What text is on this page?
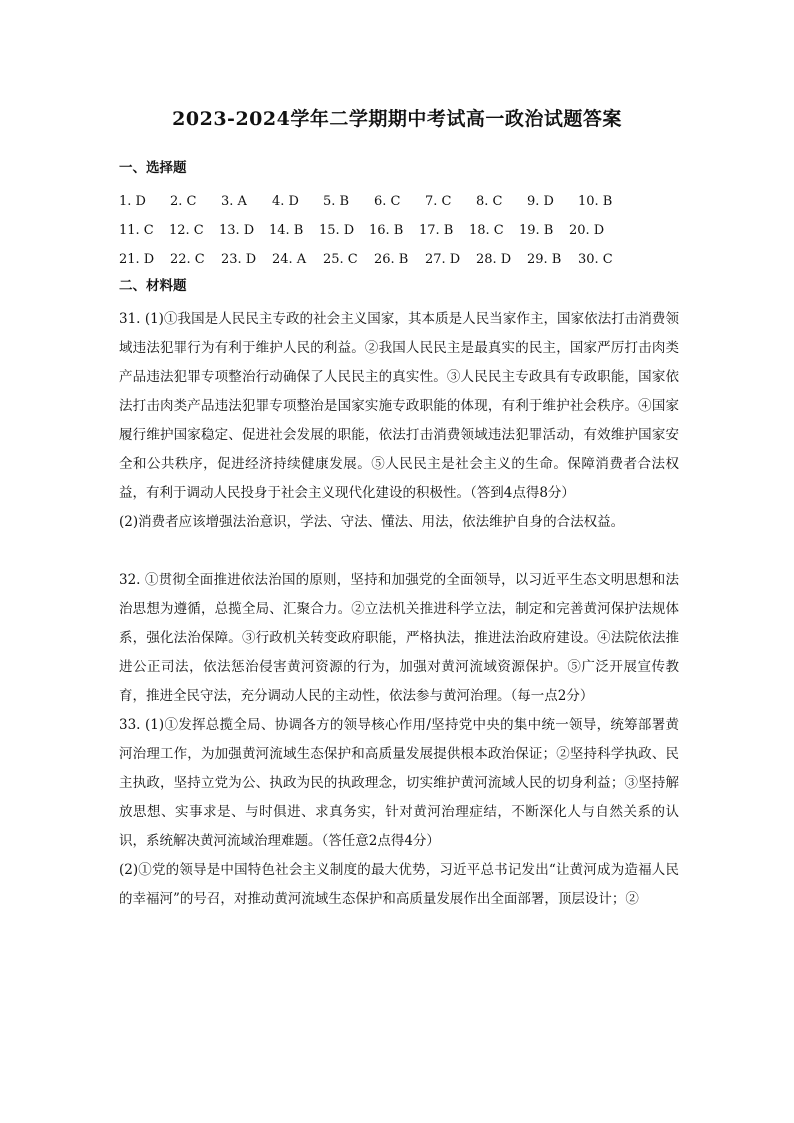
2023-2024学年二学期期中考试高一政治试题答案
一、选择题
1. D	2. C	3. A	4. D	5. B	6. C	7. C	8. C	9. D	10. B
11. C	12. C	13. D	14. B	15. D	16. B	17. B	18. C	19. B	20. D
21. D	22. C	23. D	24. A	25. C	26. B	27. D	28. D	29. B	30. C
二、材料题

31. (1)①我国是人民民主专政的社会主义国家，其本质是人民当家作主，国家依法打击消费领域违法犯罪行为有利于维护人民的利益。②我国人民民主是最真实的民主，国家严厉打击肉类产品违法犯罪专项整治行动确保了人民民主的真实性。③人民民主专政具有专政职能，国家依法打击肉类产品违法犯罪专项整治是国家实施专政职能的体现，有利于维护社会秩序。④国家履行维护国家稳定、促进社会发展的职能，依法打击消费领域违法犯罪活动，有效维护国家安全和公共秩序，促进经济持续健康发展。⑤人民民主是社会主义的生命。保障消费者合法权益，有利于调动人民投身于社会主义现代化建设的积极性。（答到4点得8分）

(2)消费者应该增强法治意识，学法、守法、懂法、用法，依法维护自身的合法权益。

32. ①贯彻全面推进依法治国的原则，坚持和加强党的全面领导，以习近平生态文明思想和法治思想为遵循，总揽全局、汇聚合力。②立法机关推进科学立法，制定和完善黄河保护法规体系，强化法治保障。③行政机关转变政府职能，严格执法，推进法治政府建设。④法院依法推进公正司法，依法惩治侵害黄河资源的行为，加强对黄河流域资源保护。⑤广泛开展宣传教育，推进全民守法，充分调动人民的主动性，依法参与黄河治理。（每一点2分）

33. (1)①发挥总揽全局、协调各方的领导核心作用/坚持党中央的集中统一领导，统筹部署黄河治理工作，为加强黄河流域生态保护和高质量发展提供根本政治保证；②坚持科学执政、民主执政，坚持立党为公、执政为民的执政理念，切实维护黄河流域人民的切身利益；③坚持解放思想、实事求是、与时俱进、求真务实，针对黄河治理症结，不断深化人与自然关系的认识，系统解决黄河流域治理难题。（答任意2点得4分）

(2)①党的领导是中国特色社会主义制度的最大优势，习近平总书记发出“让黄河成为造福人民的幸福河”的号召，对推动黄河流域生态保护和高质量发展作出全面部署，顶层设计；②
